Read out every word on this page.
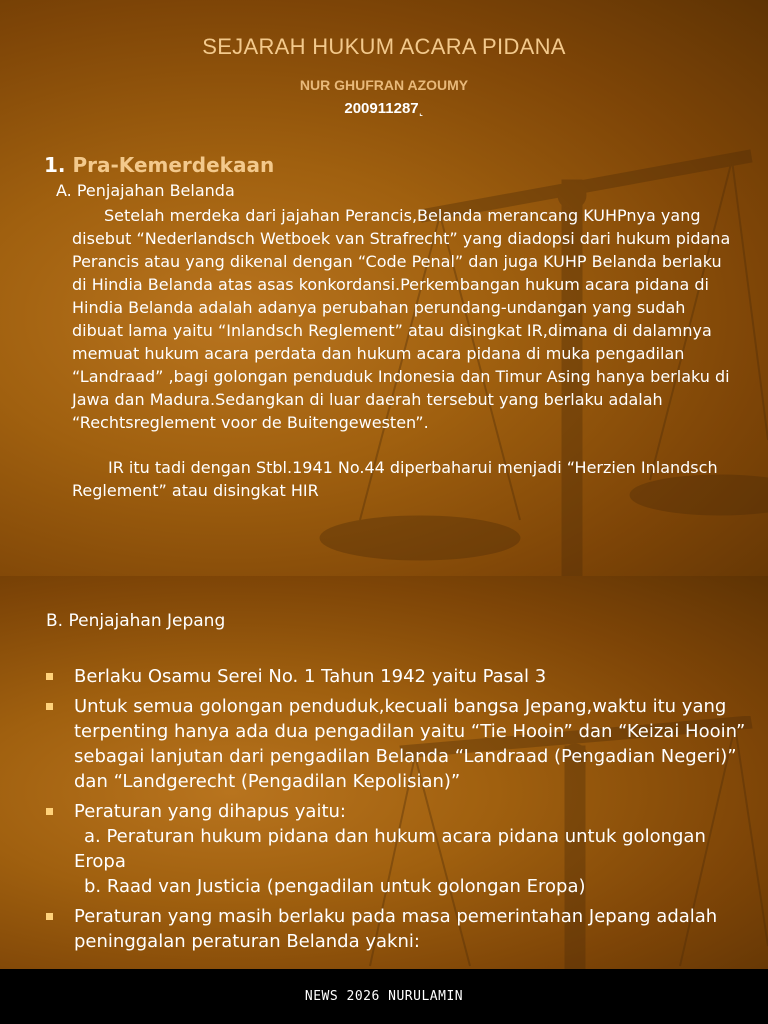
SEJARAH HUKUM ACARA PIDANA
NUR GHUFRAN AZOUMY
200911287˻
1. Pra-Kemerdekaan
A. Penjajahan Belanda
Setelah merdeka dari jajahan Perancis,Belanda merancang KUHPnya yang disebut “Nederlandsch Wetboek van Strafrecht” yang diadopsi dari hukum pidana Perancis atau yang dikenal dengan “Code Penal” dan juga KUHP Belanda berlaku di Hindia Belanda atas asas konkordansi.Perkembangan hukum acara pidana di Hindia Belanda adalah adanya perubahan perundang-undangan yang sudah dibuat lama yaitu “Inlandsch Reglement” atau disingkat IR,dimana di dalamnya memuat hukum acara perdata dan hukum acara pidana di muka pengadilan “Landraad” ,bagi golongan penduduk Indonesia dan Timur Asing hanya berlaku di Jawa dan Madura.Sedangkan di luar daerah tersebut yang berlaku adalah “Rechtsreglement voor de Buitengewesten”.
IR itu tadi dengan Stbl.1941 No.44 diperbaharui menjadi “Herzien Inlandsch Reglement” atau disingkat HIR
B. Penjajahan Jepang
Berlaku Osamu Serei No. 1 Tahun 1942 yaitu Pasal 3
Untuk semua golongan penduduk,kecuali bangsa Jepang,waktu itu yang terpenting hanya ada dua pengadilan yaitu “Tie Hooin” dan “Keizai Hooin” sebagai lanjutan dari pengadilan Belanda “Landraad (Pengadian Negeri)” dan “Landgerecht (Pengadilan Kepolisian)”
Peraturan yang dihapus yaitu:
a. Peraturan hukum pidana dan hukum acara pidana untuk golongan Eropa
b. Raad van Justicia (pengadilan untuk golongan Eropa)
Peraturan yang masih berlaku pada masa pemerintahan Jepang adalah peninggalan peraturan Belanda yakni:
NEWS 2026 NURULAMIN
